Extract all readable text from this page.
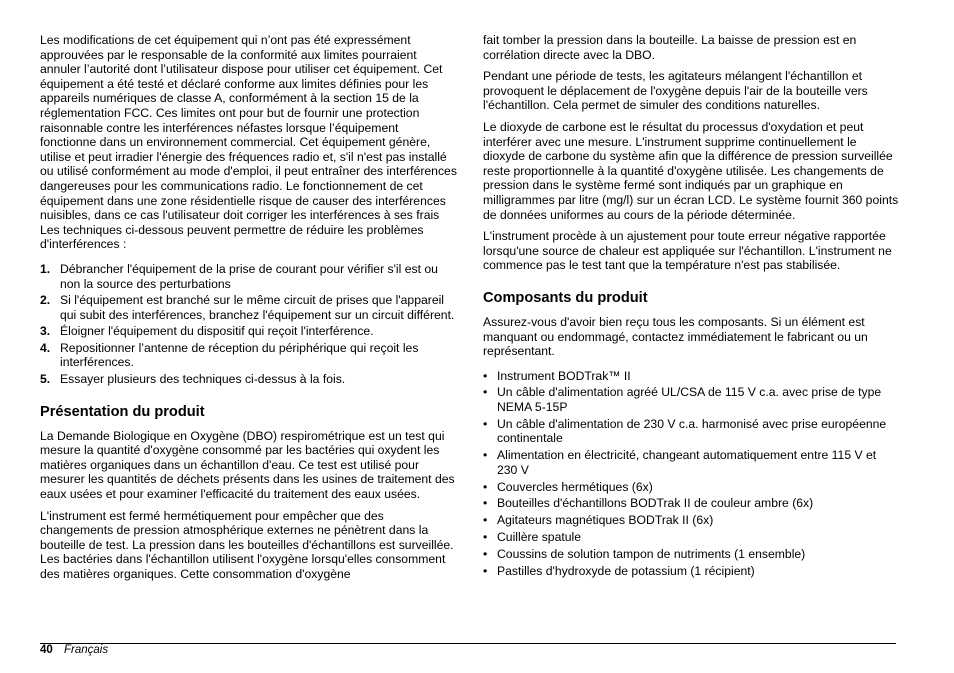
Les modifications de cet équipement qui n’ont pas été expressément approuvées par le responsable de la conformité aux limites pourraient annuler l’autorité dont l’utilisateur dispose pour utiliser cet équipement. Cet équipement a été testé et déclaré conforme aux limites définies pour les appareils numériques de classe A, conformément à la section 15 de la réglementation FCC. Ces limites ont pour but de fournir une protection raisonnable contre les interférences néfastes lorsque l’équipement fonctionne dans un environnement commercial. Cet équipement génère, utilise et peut irradier l'énergie des fréquences radio et, s'il n'est pas installé ou utilisé conformément au mode d'emploi, il peut entraîner des interférences dangereuses pour les communications radio. Le fonctionnement de cet équipement dans une zone résidentielle risque de causer des interférences nuisibles, dans ce cas l'utilisateur doit corriger les interférences à ses frais Les techniques ci-dessous peuvent permettre de réduire les problèmes d'interférences :

1. Débrancher l'équipement de la prise de courant pour vérifier s'il est ou non la source des perturbations
2. Si l'équipement est branché sur le même circuit de prises que l'appareil qui subit des interférences, branchez l'équipement sur un circuit différent.
3. Éloigner l'équipement du dispositif qui reçoit l'interférence.
4. Repositionner l’antenne de réception du périphérique qui reçoit les interférences.
5. Essayer plusieurs des techniques ci-dessus à la fois.
Présentation du produit

La Demande Biologique en Oxygène (DBO) respirométrique est un test qui mesure la quantité d'oxygène consommé par les bactéries qui oxydent les matières organiques dans un échantillon d'eau. Ce test est utilisé pour mesurer les quantités de déchets présents dans les usines de traitement des eaux usées et pour examiner l'efficacité du traitement des eaux usées.

L'instrument est fermé hermétiquement pour empêcher que des changements de pression atmosphérique externes ne pénètrent dans la bouteille de test. La pression dans les bouteilles d'échantillons est surveillée. Les bactéries dans l'échantillon utilisent l'oxygène lorsqu'elles consomment des matières organiques. Cette consommation d'oxygène

fait tomber la pression dans la bouteille. La baisse de pression est en corrélation directe avec la DBO.

Pendant une période de tests, les agitateurs mélangent l'échantillon et provoquent le déplacement de l'oxygène depuis l'air de la bouteille vers l'échantillon. Cela permet de simuler des conditions naturelles.

Le dioxyde de carbone est le résultat du processus d'oxydation et peut interférer avec une mesure. L'instrument supprime continuellement le dioxyde de carbone du système afin que la différence de pression surveillée reste proportionnelle à la quantité d'oxygène utilisée. Les changements de pression dans le système fermé sont indiqués par un graphique en milligrammes par litre (mg/l) sur un écran LCD. Le système fournit 360 points de données uniformes au cours de la période déterminée.

L'instrument procède à un ajustement pour toute erreur négative rapportée lorsqu'une source de chaleur est appliquée sur l'échantillon. L'instrument ne commence pas le test tant que la température n'est pas stabilisée.

Composants du produit

Assurez-vous d'avoir bien reçu tous les composants. Si un élément est manquant ou endommagé, contactez immédiatement le fabricant ou un représentant.

• Instrument BODTrak™ II
• Un câble d'alimentation agréé UL/CSA de 115 V c.a. avec prise de type NEMA 5-15P
• Un câble d'alimentation de 230 V c.a. harmonisé avec prise européenne continentale
• Alimentation en électricité, changeant automatiquement entre 115 V et 230 V
• Couvercles hermétiques (6x)
• Bouteilles d'échantillons BODTrak II de couleur ambre (6x)
• Agitateurs magnétiques BODTrak II (6x)
• Cuillère spatule
• Coussins de solution tampon de nutriments (1 ensemble)
• Pastilles d'hydroxyde de potassium (1 récipient)
40 Français
